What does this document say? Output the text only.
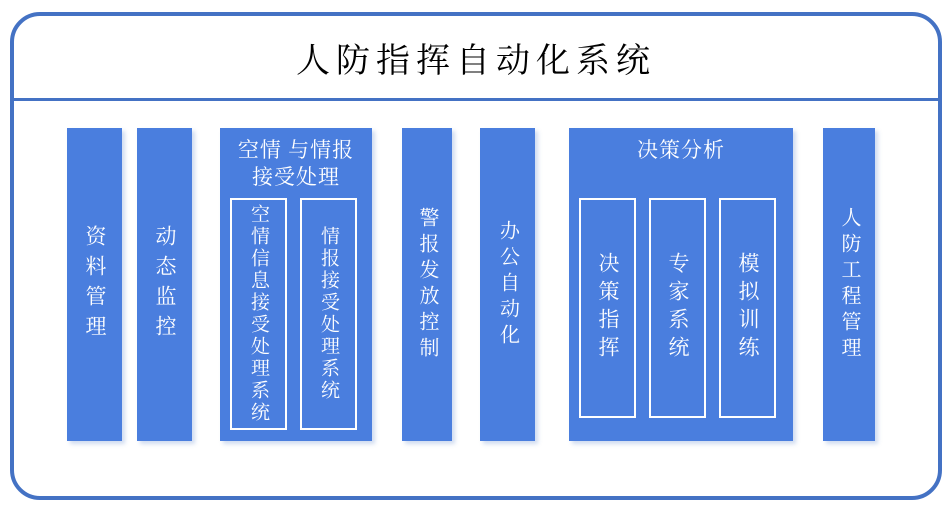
人防指挥自动化系统
资料管理 动态监控
空情 与情报
接受处理
空情信息接受处理系统	情报接受处理系统	警报发放控制	办公自动化
决策分析
决策指挥 专家系统 模拟训练	人防工程管理
